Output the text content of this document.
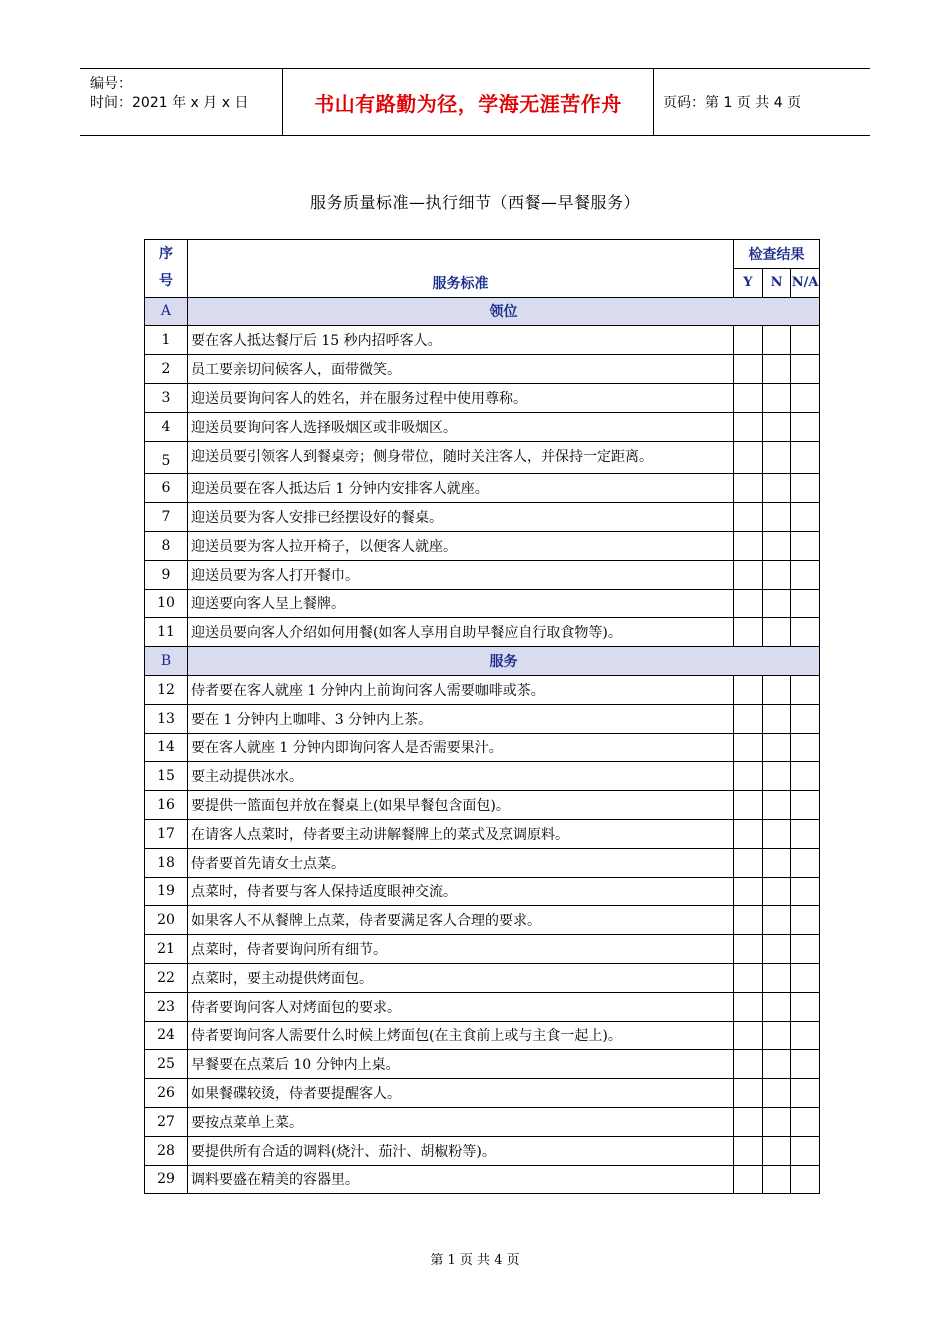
编号：
时间：2021 年 x 月 x 日	书山有路勤为径，学海无涯苦作舟	页码：第 1 页 共 4 页
服务质量标准—执行细节（西餐—早餐服务）
序
号	服务标准	检查结果		
		Y	N	N/A
A	领位			
1	要在客人抵达餐厅后 15 秒内招呼客人。			
2	员工要亲切问候客人，面带微笑。			
3	迎送员要询问客人的姓名，并在服务过程中使用尊称。			
4	迎送员要询问客人选择吸烟区或非吸烟区。			
5	迎送员要引领客人到餐桌旁；侧身带位，随时关注客人，并保持一定距离。			
6	迎送员要在客人抵达后 1 分钟内安排客人就座。			
7	迎送员要为客人安排已经摆设好的餐桌。			
8	迎送员要为客人拉开椅子，以便客人就座。			
9	迎送员要为客人打开餐巾。			
10	迎送要向客人呈上餐牌。			
11	迎送员要向客人介绍如何用餐(如客人享用自助早餐应自行取食物等)。			
B	服务			
12	侍者要在客人就座 1 分钟内上前询问客人需要咖啡或茶。			
13	要在 1 分钟内上咖啡、3 分钟内上茶。			
14	要在客人就座 1 分钟内即询问客人是否需要果汁。			
15	要主动提供冰水。			
16	要提供一篮面包并放在餐桌上(如果早餐包含面包)。			
17	在请客人点菜时，侍者要主动讲解餐牌上的菜式及烹调原料。			
18	侍者要首先请女士点菜。			
19	点菜时，侍者要与客人保持适度眼神交流。			
20	如果客人不从餐牌上点菜，侍者要满足客人合理的要求。			
21	点菜时，侍者要询问所有细节。			
22	点菜时，要主动提供烤面包。			
23	侍者要询问客人对烤面包的要求。			
24	侍者要询问客人需要什么时候上烤面包(在主食前上或与主食一起上)。			
25	早餐要在点菜后 10 分钟内上桌。			
26	如果餐碟较烫，侍者要提醒客人。			
27	要按点菜单上菜。			
28	要提供所有合适的调料(烧汁、茄汁、胡椒粉等)。			
29	调料要盛在精美的容器里。			
第 1 页 共 4 页
